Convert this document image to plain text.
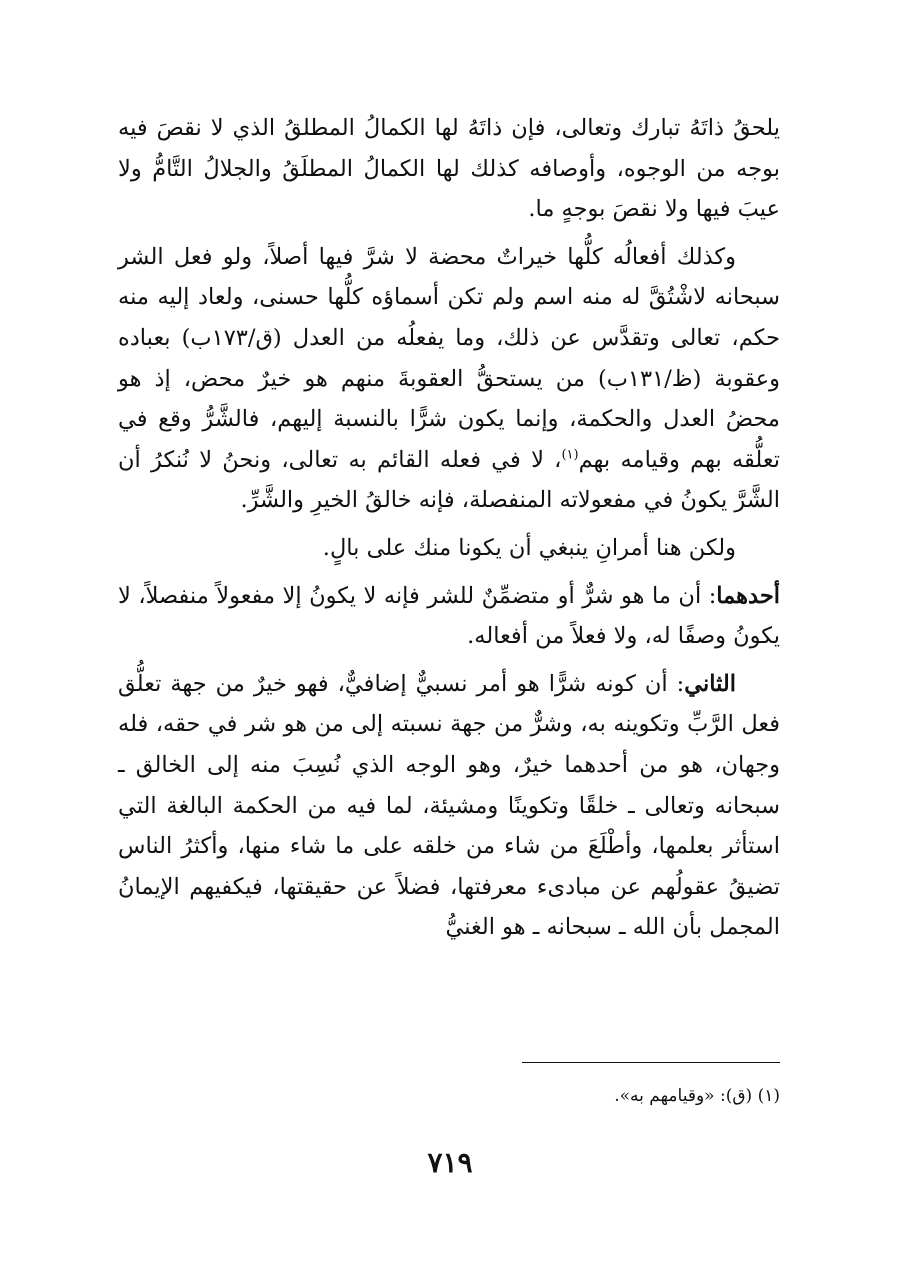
يلحقُ ذاتَهُ تبارك وتعالى، فإن ذاتَهُ لها الكمالُ المطلقُ الذي لا نقصَ فيه بوجه من الوجوه، وأوصافه كذلك لها الكمالُ المطلَقُ والجلالُ التَّامُّ ولا عيبَ فيها ولا نقصَ بوجهٍ ما.

وكذلك أفعالُه كلُّها خيراتٌ محضة لا شرَّ فيها أصلاً، ولو فعل الشر سبحانه لاشْتُقَّ له منه اسم ولم تكن أسماؤه كلُّها حسنى، ولعاد إليه منه حكم، تعالى وتقدَّس عن ذلك، وما يفعلُه من العدل (ق/١٧٣ب) بعباده وعقوبة (ظ/١٣١ب) من يستحقُّ العقوبةَ منهم هو خيرٌ محض، إذ هو محضُ العدل والحكمة، وإنما يكون شرًّا بالنسبة إليهم، فالشَّرُّ وقع في تعلُّقه بهم وقيامه بهم$^{(١)}$، لا في فعله القائم به تعالى، ونحنُ لا نُنكرُ أن الشَّرَّ يكونُ في مفعولاته المنفصلة، فإنه خالقُ الخيرِ والشَّرِّ.

ولكن هنا أمرانِ ينبغي أن يكونا منك على بالٍ.

أحدهما: أن ما هو شرٌّ أو متضمِّنٌ للشر فإنه لا يكونُ إلا مفعولاً منفصلاً، لا يكونُ وصفًا له، ولا فعلاً من أفعاله.

الثاني: أن كونه شرًّا هو أمر نسبيٌّ إضافيٌّ، فهو خيرٌ من جهة تعلُّق فعل الرَّبِّ وتكوينه به، وشرٌّ من جهة نسبته إلى من هو شر في حقه، فله وجهان، هو من أحدهما خيرٌ، وهو الوجه الذي نُسِبَ منه إلى الخالق ـ سبحانه وتعالى ـ خلقًا وتكوينًا ومشيئة، لما فيه من الحكمة البالغة التي استأثر بعلمها، وأطْلَعَ من شاء من خلقه على ما شاء منها، وأكثرُ الناس تضيقُ عقولُهم عن مبادىء معرفتها، فضلاً عن حقيقتها، فيكفيهم الإيمانُ المجمل بأن الله ـ سبحانه ـ هو الغنيُّ

(١) (ق): «وقيامهم به».
٧١٩
